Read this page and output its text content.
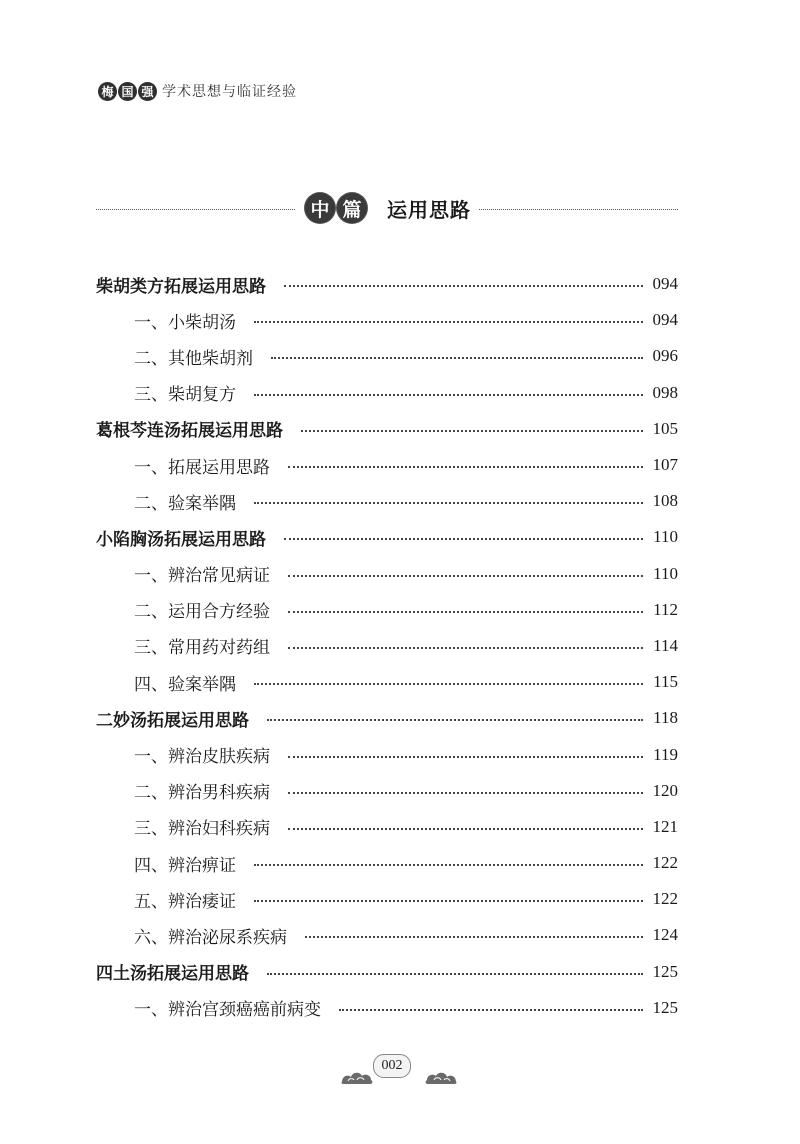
梅 国 强 学术思想与临证经验
中 篇 运用思路
柴胡类方拓展运用思路	094
一、小柴胡汤	094
二、其他柴胡剂	096
三、柴胡复方	098
葛根芩连汤拓展运用思路	105
一、拓展运用思路	107
二、验案举隅	108
小陷胸汤拓展运用思路	110
一、辨治常见病证	110
二、运用合方经验	112
三、常用药对药组	114
四、验案举隅	115
二妙汤拓展运用思路	118
一、辨治皮肤疾病	119
二、辨治男科疾病	120
三、辨治妇科疾病	121
四、辨治痹证	122
五、辨治痿证	122
六、辨治泌尿系疾病	124
四土汤拓展运用思路	125
一、辨治宫颈癌癌前病变	125
002
